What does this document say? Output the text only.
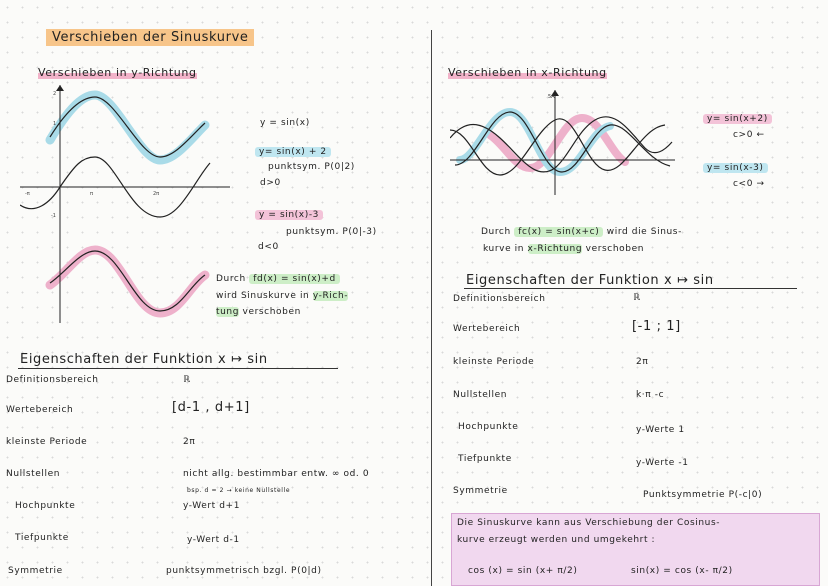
Verschieben der Sinuskurve
Verschieben in y-Richtung
2
1
-1
-π	π	2π
y = sin(x)
y= sin(x) + 2
punktsym. P(0|2)
d>0
y = sin(x)-3
punktsym. P(0|-3)
d<0
Durch fd(x) = sin(x)+d
wird Sinuskurve in y-Rich-
tung verschoben
Eigenschaften der Funktion x ↦ sin
Definitionsbereich	ℝ
Wertebereich	[d-1 , d+1]
kleinste Periode	2π
Nullstellen	nicht allg. bestimmbar entw. ∞ od. 0
bsp. d = 2 → keine Nullstelle
Hochpunkte	y-Wert d+1
Tiefpunkte	y-Wert d-1
Symmetrie	punktsymmetrisch bzgl. P(0|d)
Verschieben in x-Richtung
5A
y= sin(x+2)
c>0 ←
y= sin(x-3)
c<0 →
Durch fc(x) = sin(x+c) wird die Sinus-
kurve in x-Richtung verschoben
Eigenschaften der Funktion x ↦ sin
Definitionsbereich	ℝ
Wertebereich	[-1 ; 1]
kleinste Periode	2π
Nullstellen	k·π -c
Hochpunkte	y-Werte 1
Tiefpunkte	y-Werte -1
Symmetrie	Punktsymmetrie P(-c|0)
Die Sinuskurve kann aus Verschiebung der Cosinus-
kurve erzeugt werden und umgekehrt :
cos (x) = sin (x+ π/2)	sin(x) = cos (x- π/2)
